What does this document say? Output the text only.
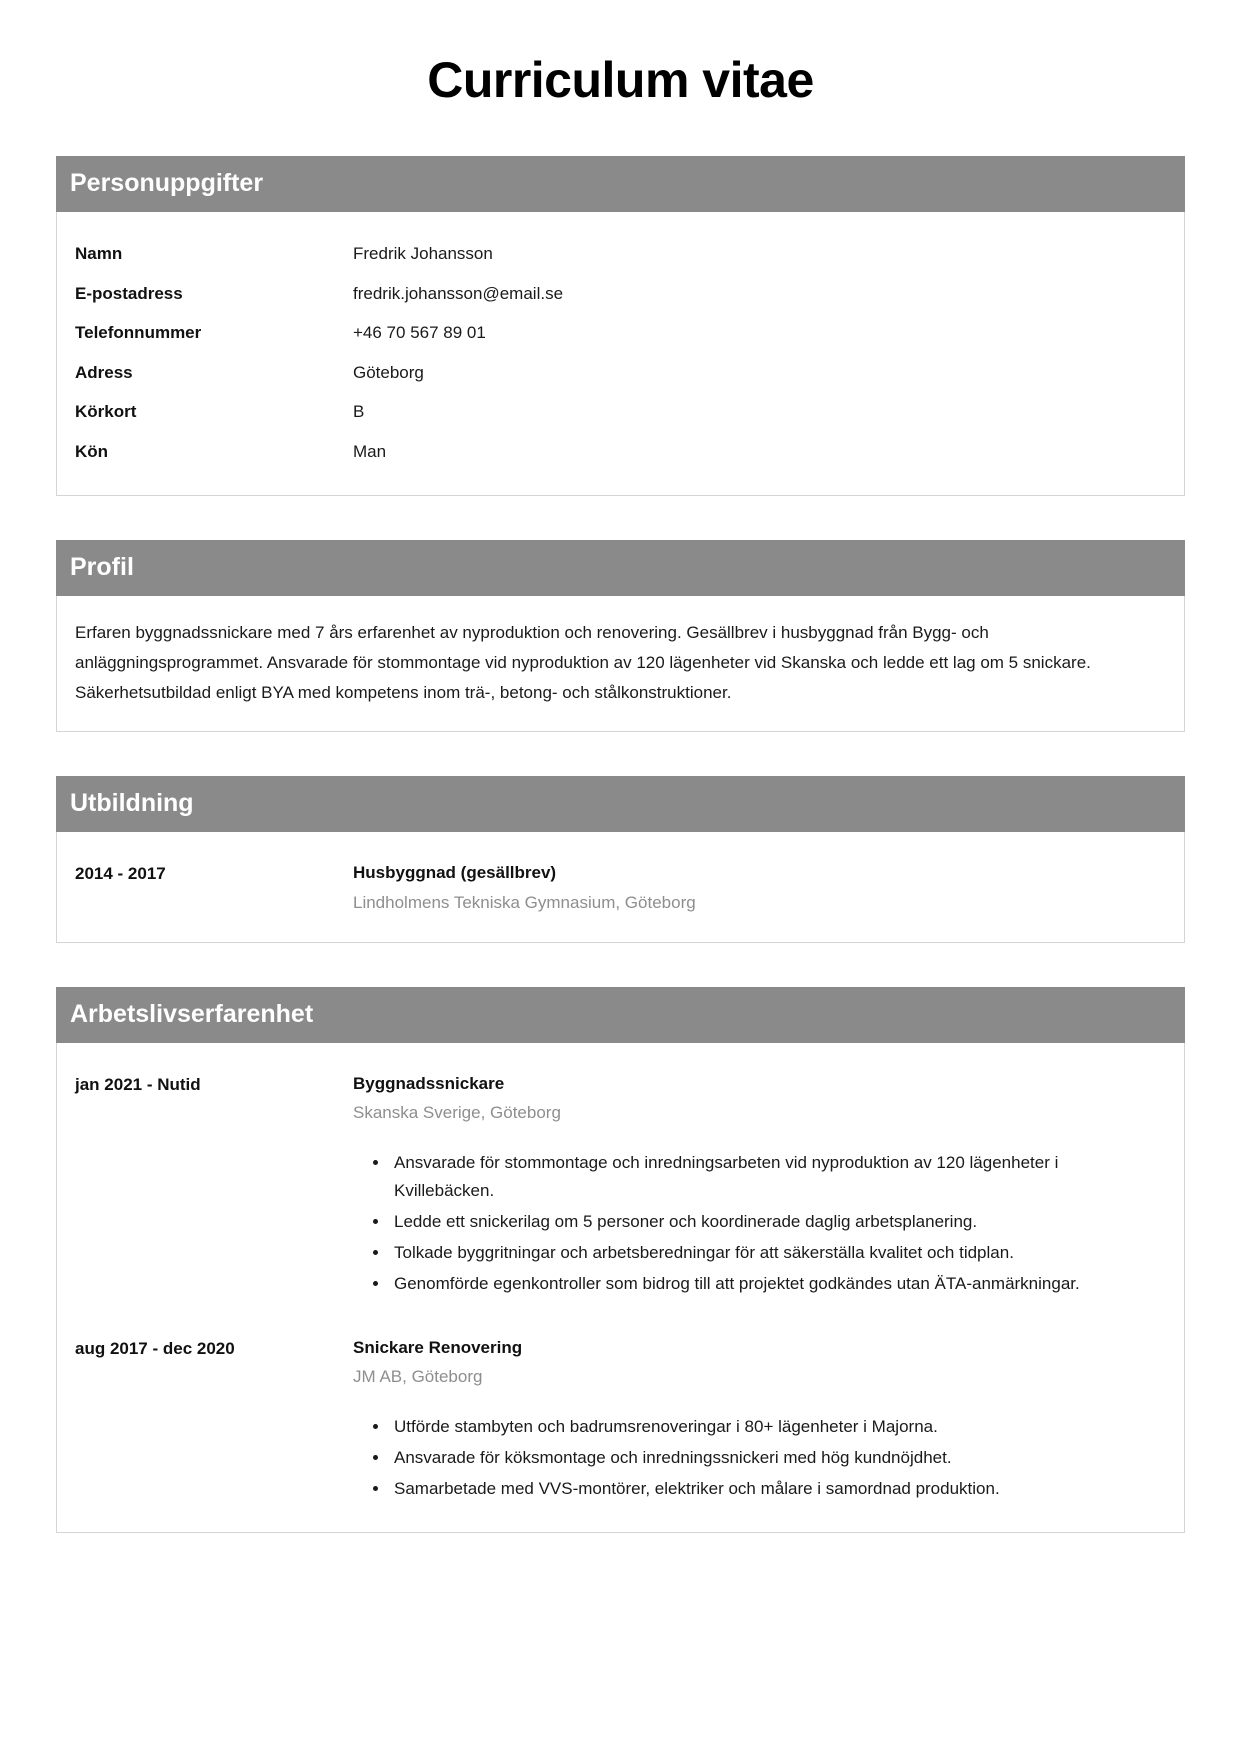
Curriculum vitae
Personuppgifter
Namn	Fredrik Johansson
E-postadress	fredrik.johansson@email.se
Telefonnummer	+46 70 567 89 01
Adress	Göteborg
Körkort	B
Kön	Man
Profil

Erfaren byggnadssnickare med 7 års erfarenhet av nyproduktion och renovering. Gesällbrev i husbyggnad från Bygg- och anläggningsprogrammet. Ansvarade för stommontage vid nyproduktion av 120 lägenheter vid Skanska och ledde ett lag om 5 snickare. Säkerhetsutbildad enligt BYA med kompetens inom trä-, betong- och stålkonstruktioner.

Utbildning
2014 - 2017	Husbyggnad (gesällbrev)
Lindholmens Tekniska Gymnasium, Göteborg
Arbetslivserfarenhet
jan 2021 - Nutid	Byggnadssnickare
Skanska Sverige, Göteborg
• Ansvarade för stommontage och inredningsarbeten vid nyproduktion av 120 lägenheter i Kvillebäcken.
• Ledde ett snickerilag om 5 personer och koordinerade daglig arbetsplanering.
• Tolkade byggritningar och arbetsberedningar för att säkerställa kvalitet och tidplan.
• Genomförde egenkontroller som bidrog till att projektet godkändes utan ÄTA-anmärkningar.
aug 2017 - dec 2020	Snickare Renovering
JM AB, Göteborg
• Utförde stambyten och badrumsrenoveringar i 80+ lägenheter i Majorna.
• Ansvarade för köksmontage och inredningssnickeri med hög kundnöjdhet.
• Samarbetade med VVS-montörer, elektriker och målare i samordnad produktion.
